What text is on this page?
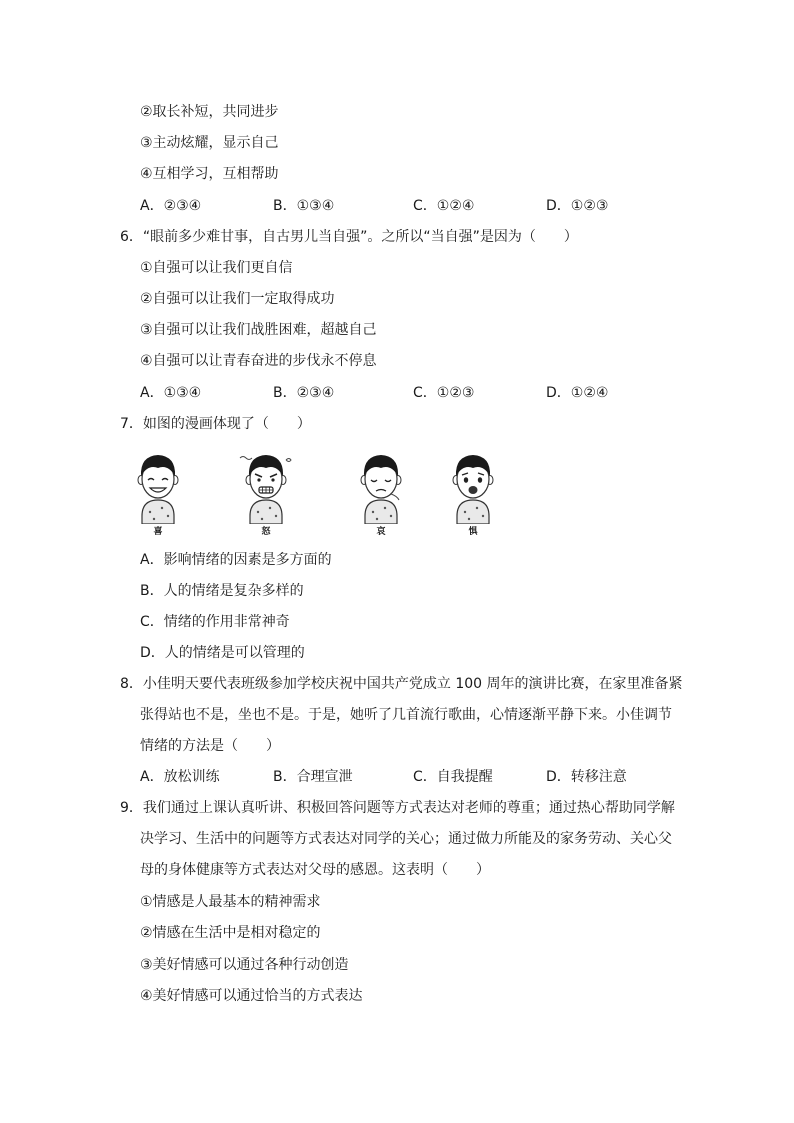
②取长补短，共同进步
③主动炫耀，显示自己
④互相学习，互相帮助
A．②③④	B．①③④	C．①②④	D．①②③
6．“眼前多少难甘事，自古男儿当自强”。之所以“当自强”是因为（　　）
①自强可以让我们更自信
②自强可以让我们一定取得成功
③自强可以让我们战胜困难，超越自己
④自强可以让青春奋进的步伐永不停息
A．①③④	B．②③④	C．①②③	D．①②④
7．如图的漫画体现了（　　）
喜	怒	哀	惧
A．影响情绪的因素是多方面的
B．人的情绪是复杂多样的
C．情绪的作用非常神奇
D．人的情绪是可以管理的
8．小佳明天要代表班级参加学校庆祝中国共产党成立 100 周年的演讲比赛，在家里准备紧
张得站也不是，坐也不是。于是，她听了几首流行歌曲，心情逐渐平静下来。小佳调节
情绪的方法是（　　）
A．放松训练	B．合理宣泄	C．自我提醒	D．转移注意
9．我们通过上课认真听讲、积极回答问题等方式表达对老师的尊重；通过热心帮助同学解
决学习、生活中的问题等方式表达对同学的关心；通过做力所能及的家务劳动、关心父
母的身体健康等方式表达对父母的感恩。这表明（　　）
①情感是人最基本的精神需求
②情感在生活中是相对稳定的
③美好情感可以通过各种行动创造
④美好情感可以通过恰当的方式表达
